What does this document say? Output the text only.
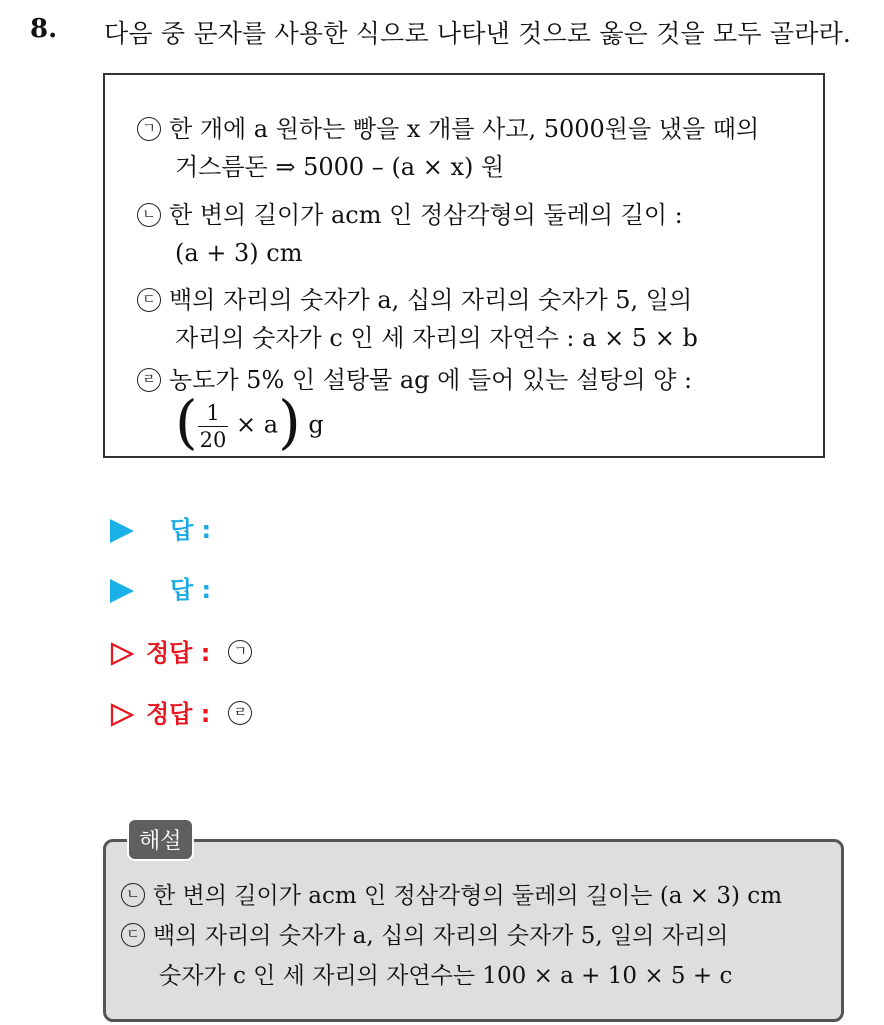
8. 다음 중 문자를 사용한 식으로 나타낸 것으로 옳은 것을 모두 골라라.
ㄱ 한 개에 a 원하는 빵을 x 개를 사고, 5000원을 냈을 때의
거스름돈 ⇒ 5000 – (a × x) 원
ㄴ 한 변의 길이가 acm 인 정삼각형의 둘레의 길이 :
(a + 3) cm
ㄷ 백의 자리의 숫자가 a, 십의 자리의 숫자가 5, 일의
자리의 숫자가 c 인 세 자리의 자연수 : a × 5 × b
ㄹ 농도가 5% 인 설탕물 ag 에 들어 있는 설탕의 양 :
( $\frac{1}{20} \times a$) g
답 :
답 :
정답 : ㄱ
정답 : ㄹ
ㄴ 한 변의 길이가 acm 인 정삼각형의 둘레의 길이는 (a × 3) cm
ㄷ 백의 자리의 숫자가 a, 십의 자리의 숫자가 5, 일의 자리의
숫자가 c 인 세 자리의 자연수는 100 × a + 10 × 5 + c
해설
